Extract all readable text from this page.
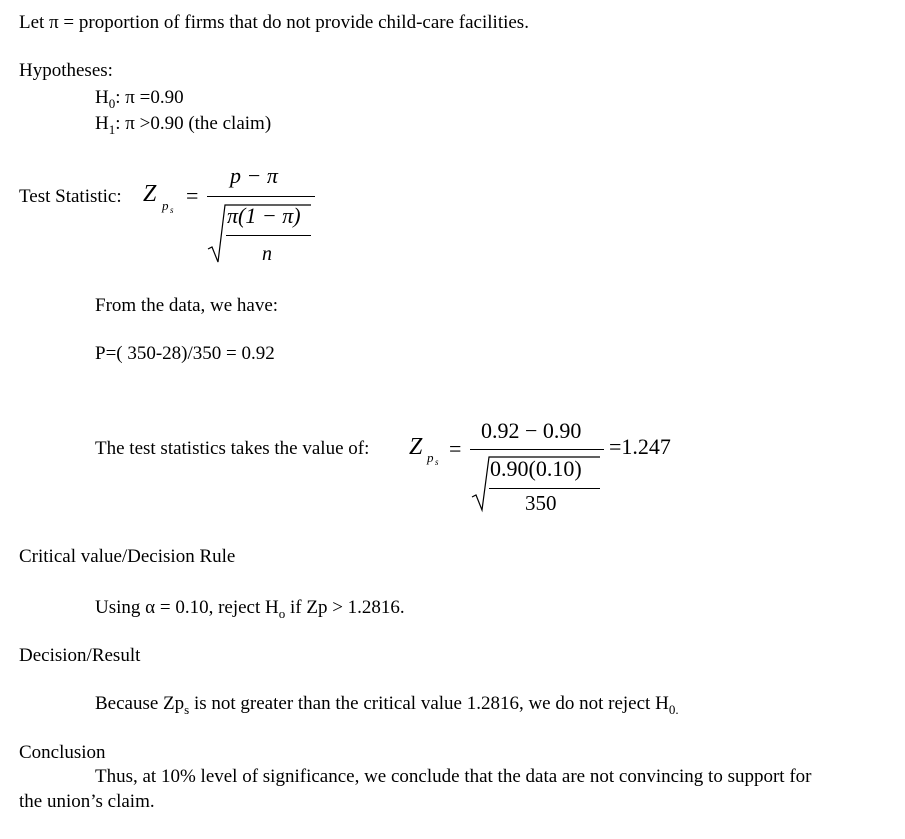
Let π = proportion of firms that do not provide child-care facilities.
Hypotheses:
$H_0$: π =0.90
$H_1$: π >0.90 (the claim)
Test Statistic: Z p s
=
p − π
π(1 − π)
n
From the data, we have:
P=( 350-28)/350 = 0.92
The test statistics takes the value of: Z p s
=
0.92 − 0.90
0.90(0.10)
350
=1.247
Critical value/Decision Rule
Using α = 0.10, reject $H_o$ if Zp > 1.2816.
Decision/Result
Because $Zp_s$ is not greater than the critical value 1.2816, we do not reject $H_{0.}$
Conclusion
Thus, at 10% level of significance, we conclude that the data are not convincing to support for
the union’s claim.
